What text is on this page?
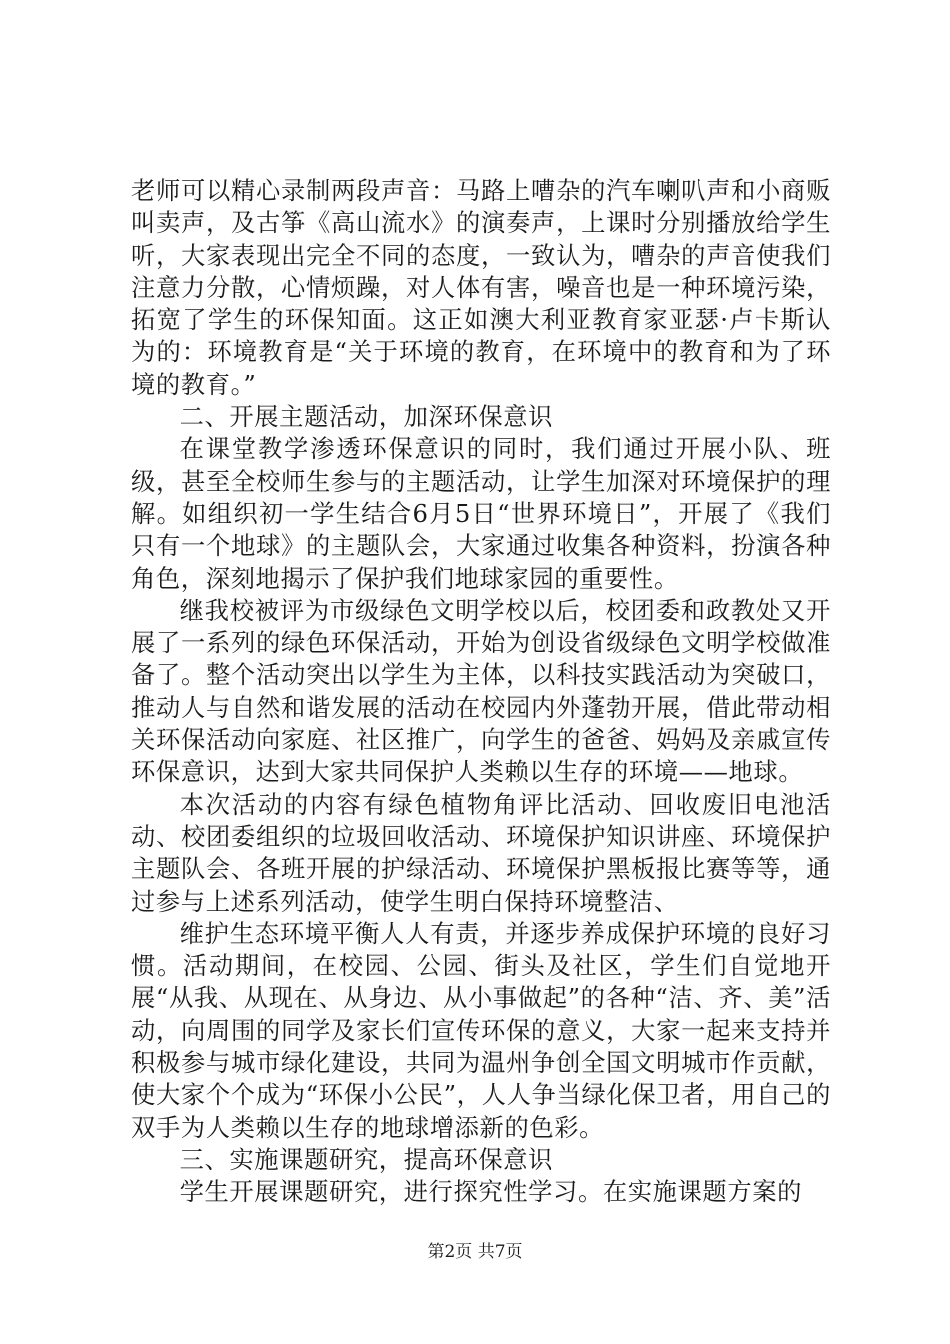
老师可以精心录制两段声音：马路上嘈杂的汽车喇叭声和小商贩叫卖声，及古筝《高山流水》的演奏声，上课时分别播放给学生听，大家表现出完全不同的态度，一致认为，嘈杂的声音使我们注意力分散，心情烦躁，对人体有害，噪音也是一种环境污染，拓宽了学生的环保知面。这正如澳大利亚教育家亚瑟·卢卡斯认为的：环境教育是“关于环境的教育，在环境中的教育和为了环境的教育。”

二、开展主题活动，加深环保意识

在课堂教学渗透环保意识的同时，我们通过开展小队、班级，甚至全校师生参与的主题活动，让学生加深对环境保护的理解。如组织初一学生结合6月5日“世界环境日”，开展了《我们只有一个地球》的主题队会，大家通过收集各种资料，扮演各种角色，深刻地揭示了保护我们地球家园的重要性。

继我校被评为市级绿色文明学校以后，校团委和政教处又开展了一系列的绿色环保活动，开始为创设省级绿色文明学校做准备了。整个活动突出以学生为主体，以科技实践活动为突破口，推动人与自然和谐发展的活动在校园内外蓬勃开展，借此带动相关环保活动向家庭、社区推广，向学生的爸爸、妈妈及亲戚宣传环保意识，达到大家共同保护人类赖以生存的环境——地球。

本次活动的内容有绿色植物角评比活动、回收废旧电池活动、校团委组织的垃圾回收活动、环境保护知识讲座、环境保护主题队会、各班开展的护绿活动、环境保护黑板报比赛等等，通过参与上述系列活动，使学生明白保持环境整洁、

维护生态环境平衡人人有责，并逐步养成保护环境的良好习惯。活动期间，在校园、公园、街头及社区，学生们自觉地开展“从我、从现在、从身边、从小事做起”的各种“洁、齐、美”活动，向周围的同学及家长们宣传环保的意义，大家一起来支持并积极参与城市绿化建设，共同为温州争创全国文明城市作贡献，使大家个个成为“环保小公民”，人人争当绿化保卫者，用自己的双手为人类赖以生存的地球增添新的色彩。

三、实施课题研究，提高环保意识

学生开展课题研究，进行探究性学习。在实施课题方案的

第2页 共7页
